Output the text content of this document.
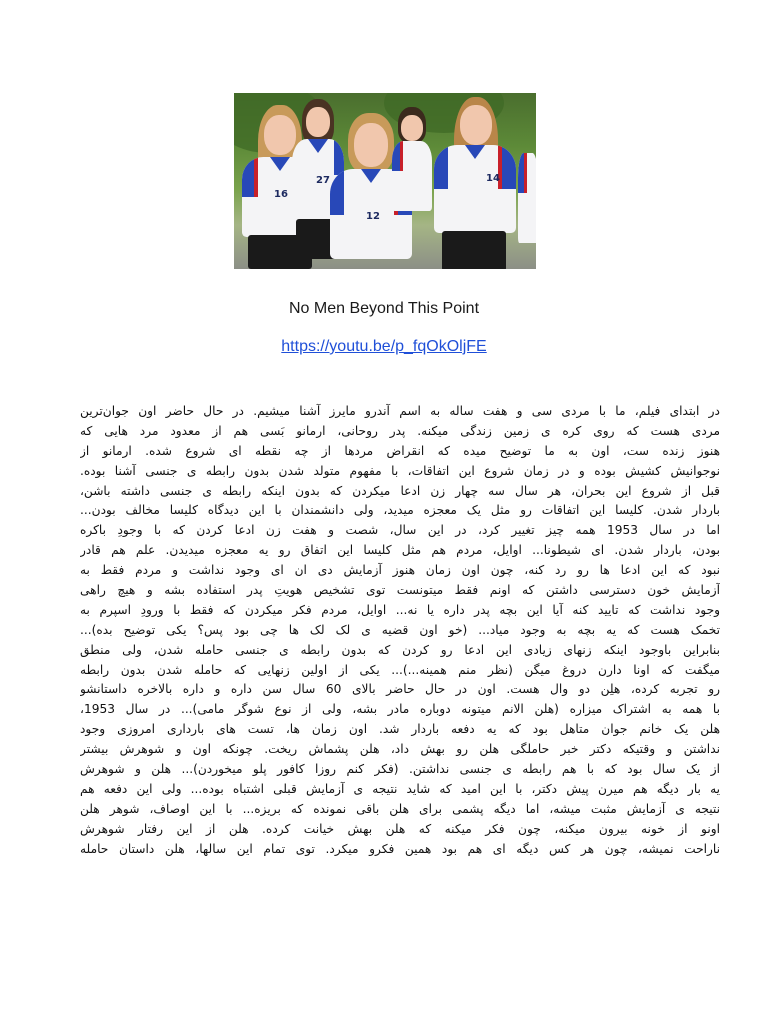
16
27
12
14
No Men Beyond This Point
https://youtu.be/p_fqOkOljFE
در ابتدای فیلم، ما با مردی سی و هفت ساله به اسم آندرو مایرز آشنا میشیم. در حال حاضر اون جوان‌ترین
مردی هست که روی کره ی زمین زندگی میکنه. پدر روحانی، ارمانو بَسی هم از معدود مرد هایی که
هنوز زنده ست، اون به ما توضیح میده که انقراض مردها از چه نقطه ای شروع شده. ارمانو از
نوجوانیش کشیش بوده و در زمان شروع این اتفاقات، با مفهوم متولد شدن بدون رابطه ی جنسی آشنا بوده.
قبل از شروع این بحران، هر سال سه چهار زن ادعا میکردن که بدون اینکه رابطه ی جنسی داشته باشن،
باردار شدن. کلیسا این اتفاقات رو مثل یک معجزه میدید، ولی دانشمندان با این دیدگاه کلیسا مخالف بودن...
اما در سال 1953 همه چیز تغییر کرد، در این سال، شصت و هفت زن ادعا کردن که با وجودِ باکره
بودن، باردار شدن. ای شیطونا... اوایل، مردم هم مثل کلیسا این اتفاق رو یه معجزه میدیدن. علم هم قادر
نبود که این ادعا ها رو رد کنه، چون اون زمان هنوز آزمایش دی ان ای وجود نداشت و مردم فقط به
آزمایش خون دسترسی داشتن که اونم فقط میتونست توی تشخیص هویتِ پدر استفاده بشه و هیچ راهی
وجود نداشت که تایید کنه آیا این بچه پدر داره یا نه... اوایل، مردم فکر میکردن که فقط با ورودِ اسپرم به
تخمک هست که یه بچه به وجود میاد... (خو اون قضیه ی لک لک ها چی بود پس؟ یکی توضیح بده)...
بنابراین باوجود اینکه زنهای زیادی این ادعا رو کردن که بدون رابطه ی جنسی حامله شدن، ولی منطق
میگفت که اونا دارن دروغ میگن (نظر منم همینه...)... یکی از اولین زنهایی که حامله شدن بدون رابطه
رو تجربه کرده، هلِن دو وال هست. اون در حال حاضر بالای 60 سال سن داره و داره بالاخره داستانشو
با همه به اشتراک میزاره (هلن الانم میتونه دوباره مادر بشه، ولی از نوع شوگر مامی)... در سال 1953،
هلن یک خانم جوان متاهل بود که یه دفعه باردار شد. اون زمان ها، تست های بارداری امروزی وجود
نداشتن و وقتیکه دکتر خبر حاملگی هلن رو بهش داد، هلن پشماش ریخت. چونکه اون و شوهرش بیشتر
از یک سال بود که با هم رابطه ی جنسی نداشتن. (فکر کنم روزا کافور پلو میخوردن)... هلن و شوهرش
یه بار دیگه هم میرن پیش دکتر، با این امید که شاید نتیجه ی آزمایش قبلی اشتباه بوده... ولی این دفعه هم
نتیجه ی آزمایش مثبت میشه، اما دیگه پشمی برای هلن باقی نمونده که بریزه... با این اوصاف، شوهر هلن
اونو از خونه بیرون میکنه، چون فکر میکنه که هلن بهش خیانت کرده. هلن از این رفتار شوهرش
ناراحت نمیشه، چون هر کس دیگه ای هم بود همین فکرو میکرد. توی تمام این سالها، هلن داستان حامله
